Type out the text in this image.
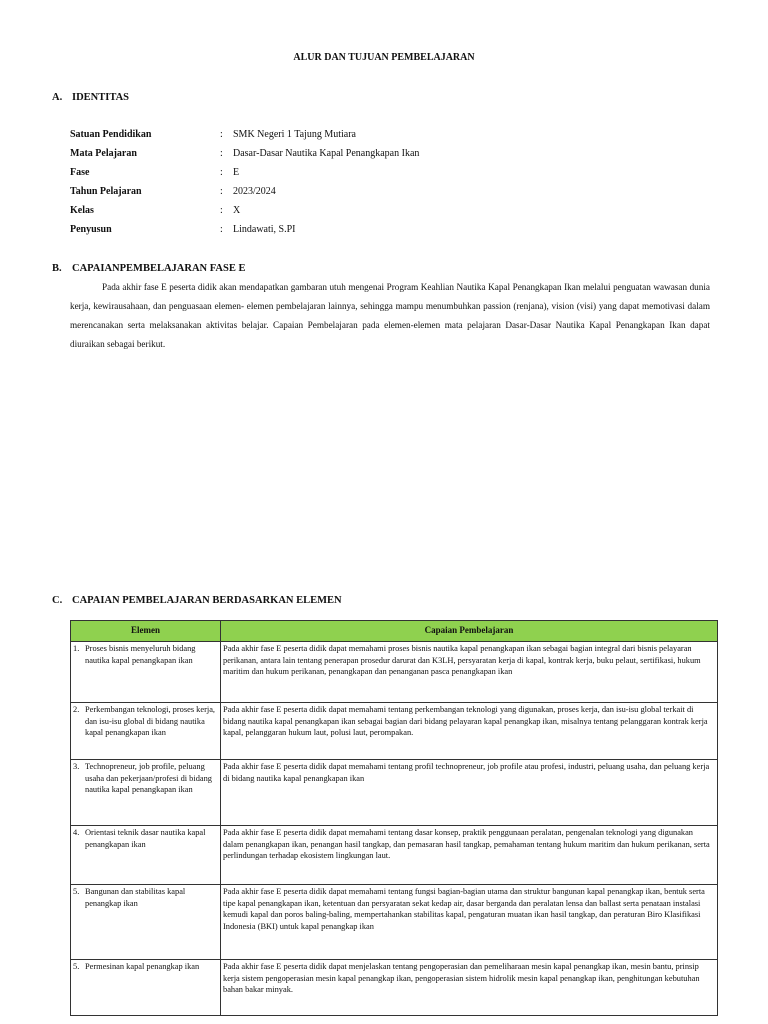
ALUR DAN TUJUAN PEMBELAJARAN
A. IDENTITAS
Satuan Pendidikan	: SMK Negeri 1 Tajung Mutiara
Mata Pelajaran	: Dasar-Dasar Nautika Kapal Penangkapan Ikan
Fase	: E
Tahun Pelajaran	: 2023/2024
Kelas	: X
Penyusun	: Lindawati, S.PI
B. CAPAIANPEMBELAJARAN FASE E

Pada akhir fase E peserta didik akan mendapatkan gambaran utuh mengenai Program Keahlian Nautika Kapal Penangkapan Ikan melalui penguatan wawasan dunia kerja, kewirausahaan, dan penguasaan elemen- elemen pembelajaran lainnya, sehingga mampu menumbuhkan passion (renjana), vision (visi) yang dapat memotivasi dalam merencanakan serta melaksanakan aktivitas belajar. Capaian Pembelajaran pada elemen-elemen mata pelajaran Dasar-Dasar Nautika Kapal Penangkapan Ikan dapat diuraikan sebagai berikut.

C. CAPAIAN PEMBELAJARAN BERDASARKAN ELEMEN
Elemen	Capaian Pembelajaran

1. Proses bisnis menyeluruh bidang nautika kapal penangkapan ikan	Pada akhir fase E peserta didik dapat memahami proses bisnis nautika kapal penangkapan ikan sebagai bagian integral dari bisnis pelayaran perikanan, antara lain tentang penerapan prosedur darurat dan K3LH, persyaratan kerja di kapal, kontrak kerja, buku pelaut, sertifikasi, hukum maritim dan hukum perikanan, penangkapan dan penanganan pasca penangkapan ikan

2. Perkembangan teknologi, proses kerja, dan isu-isu global di bidang nautika kapal penangkapan ikan	Pada akhir fase E peserta didik dapat memahami tentang perkembangan teknologi yang digunakan, proses kerja, dan isu-isu global terkait di bidang nautika kapal penangkapan ikan sebagai bagian dari bidang pelayaran kapal penangkap ikan, misalnya tentang pelanggaran kontrak kerja kapal, pelanggaran hukum laut, polusi laut, perompakan.

3. Technopreneur, job profile, peluang usaha dan pekerjaan/profesi di bidang nautika kapal penangkapan ikan	Pada akhir fase E peserta didik dapat memahami tentang profil technopreneur, job profile atau profesi, industri, peluang usaha, dan peluang kerja di bidang nautika kapal penangkapan ikan

4. Orientasi teknik dasar nautika kapal penangkapan ikan	Pada akhir fase E peserta didik dapat memahami tentang dasar konsep, praktik penggunaan peralatan, pengenalan teknologi yang digunakan dalam penangkapan ikan, penangan hasil tangkap, dan pemasaran hasil tangkap, pemahaman tentang hukum maritim dan hukum perikanan, serta perlindungan terhadap ekosistem lingkungan laut.

5. Bangunan dan stabilitas kapal penangkap ikan	Pada akhir fase E peserta didik dapat memahami tentang fungsi bagian-bagian utama dan struktur bangunan kapal penangkap ikan, bentuk serta tipe kapal penangkapan ikan, ketentuan dan persyaratan sekat kedap air, dasar berganda dan peralatan lensa dan ballast serta penataan instalasi kemudi kapal dan poros baling-baling, mempertahankan stabilitas kapal, pengaturan muatan ikan hasil tangkap, dan peraturan Biro Klasifikasi Indonesia (BKI) untuk kapal penangkap ikan

5. Permesinan kapal penangkap ikan	Pada akhir fase E peserta didik dapat menjelaskan tentang pengoperasian dan pemeliharaan mesin kapal penangkap ikan, mesin bantu, prinsip kerja sistem pengoperasian mesin kapal penangkap ikan, pengoperasian sistem hidrolik mesin kapal penangkap ikan, penghitungan kebutuhan bahan bakar minyak.
